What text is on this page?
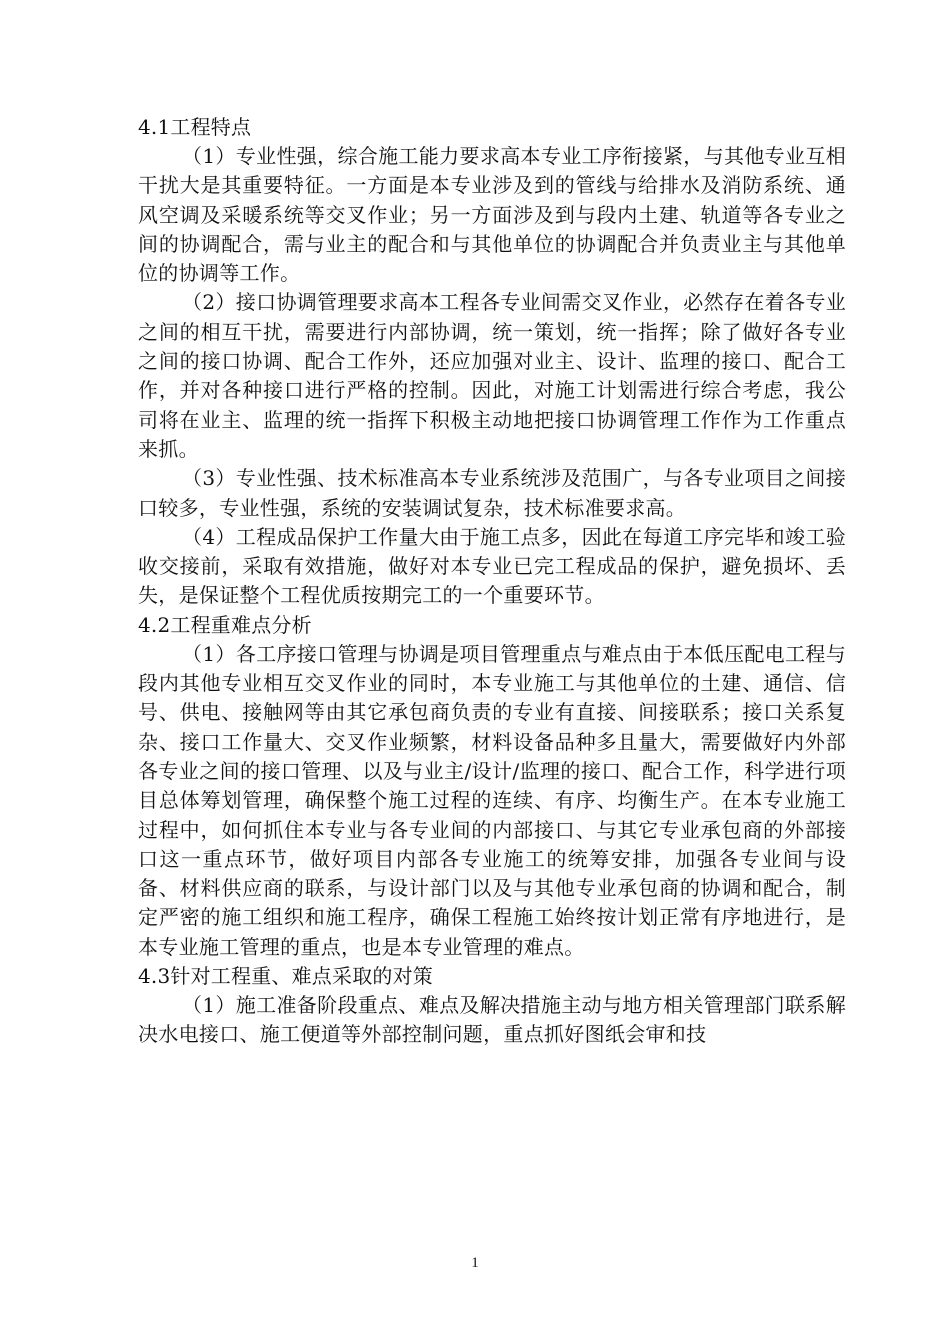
4.1工程特点

（1）专业性强，综合施工能力要求高本专业工序衔接紧，与其他专业互相干扰大是其重要特征。一方面是本专业涉及到的管线与给排水及消防系统、通风空调及采暖系统等交叉作业；另一方面涉及到与段内土建、轨道等各专业之间的协调配合，需与业主的配合和与其他单位的协调配合并负责业主与其他单位的协调等工作。

（2）接口协调管理要求高本工程各专业间需交叉作业，必然存在着各专业之间的相互干扰，需要进行内部协调，统一策划，统一指挥；除了做好各专业之间的接口协调、配合工作外，还应加强对业主、设计、监理的接口、配合工作，并对各种接口进行严格的控制。因此，对施工计划需进行综合考虑，我公司将在业主、监理的统一指挥下积极主动地把接口协调管理工作作为工作重点来抓。

（3）专业性强、技术标准高本专业系统涉及范围广，与各专业项目之间接口较多，专业性强，系统的安装调试复杂，技术标准要求高。

（4）工程成品保护工作量大由于施工点多，因此在每道工序完毕和竣工验收交接前，采取有效措施，做好对本专业已完工程成品的保护，避免损坏、丢失，是保证整个工程优质按期完工的一个重要环节。

4.2工程重难点分析

（1）各工序接口管理与协调是项目管理重点与难点由于本低压配电工程与段内其他专业相互交叉作业的同时，本专业施工与其他单位的土建、通信、信号、供电、接触网等由其它承包商负责的专业有直接、间接联系；接口关系复杂、接口工作量大、交叉作业频繁，材料设备品种多且量大，需要做好内外部各专业之间的接口管理、以及与业主/设计/监理的接口、配合工作，科学进行项目总体筹划管理，确保整个施工过程的连续、有序、均衡生产。在本专业施工过程中，如何抓住本专业与各专业间的内部接口、与其它专业承包商的外部接口这一重点环节，做好项目内部各专业施工的统筹安排，加强各专业间与设备、材料供应商的联系，与设计部门以及与其他专业承包商的协调和配合，制定严密的施工组织和施工程序，确保工程施工始终按计划正常有序地进行，是本专业施工管理的重点，也是本专业管理的难点。

4.3针对工程重、难点采取的对策

（1）施工准备阶段重点、难点及解决措施主动与地方相关管理部门联系解决水电接口、施工便道等外部控制问题，重点抓好图纸会审和技

1
